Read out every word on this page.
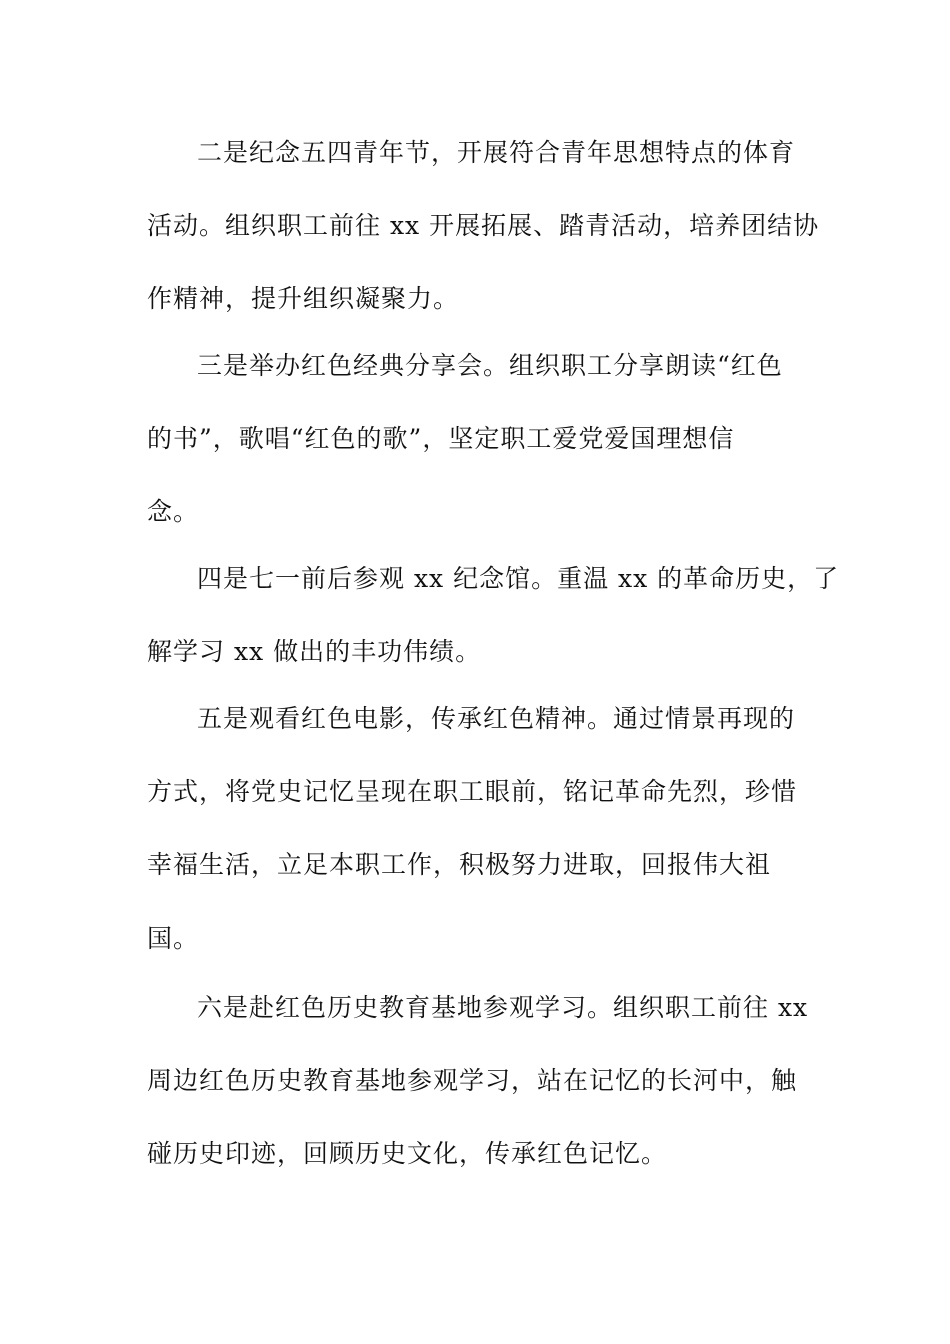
二是纪念五四青年节，开展符合青年思想特点的体育

活动。组织职工前往 xx 开展拓展、踏青活动，培养团结协

作精神，提升组织凝聚力。

三是举办红色经典分享会。组织职工分享朗读“红色

的书”，歌唱“红色的歌”，坚定职工爱党爱国理想信

念。

四是七一前后参观 xx 纪念馆。重温 xx 的革命历史，了

解学习 xx 做出的丰功伟绩。

五是观看红色电影，传承红色精神。通过情景再现的

方式，将党史记忆呈现在职工眼前，铭记革命先烈，珍惜

幸福生活，立足本职工作，积极努力进取，回报伟大祖

国。

六是赴红色历史教育基地参观学习。组织职工前往 xx

周边红色历史教育基地参观学习，站在记忆的长河中，触

碰历史印迹，回顾历史文化，传承红色记忆。
